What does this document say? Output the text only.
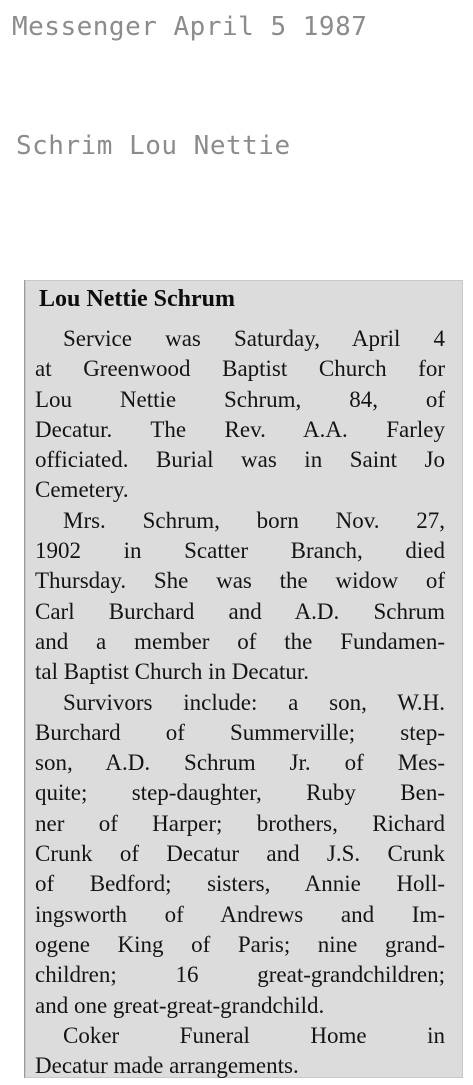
Messenger April 5 1987
Schrim Lou Nettie
Lou Nettie Schrum

Service was Saturday, April 4
at Greenwood Baptist Church for
Lou Nettie Schrum, 84, of
Decatur. The Rev. A.A. Farley
officiated. Burial was in Saint Jo
Cemetery.

Mrs. Schrum, born Nov. 27,
1902 in Scatter Branch, died
Thursday. She was the widow of
Carl Burchard and A.D. Schrum
and a member of the Fundamen-
tal Baptist Church in Decatur.

Survivors include: a son, W.H.
Burchard of Summerville; step-
son, A.D. Schrum Jr. of Mes-
quite; step-daughter, Ruby Ben-
ner of Harper; brothers, Richard
Crunk of Decatur and J.S. Crunk
of Bedford; sisters, Annie Holl-
ingsworth of Andrews and Im-
ogene King of Paris; nine grand-
children; 16 great-grandchildren;
and one great-great-grandchild.

Coker Funeral Home in
Decatur made arrangements.
